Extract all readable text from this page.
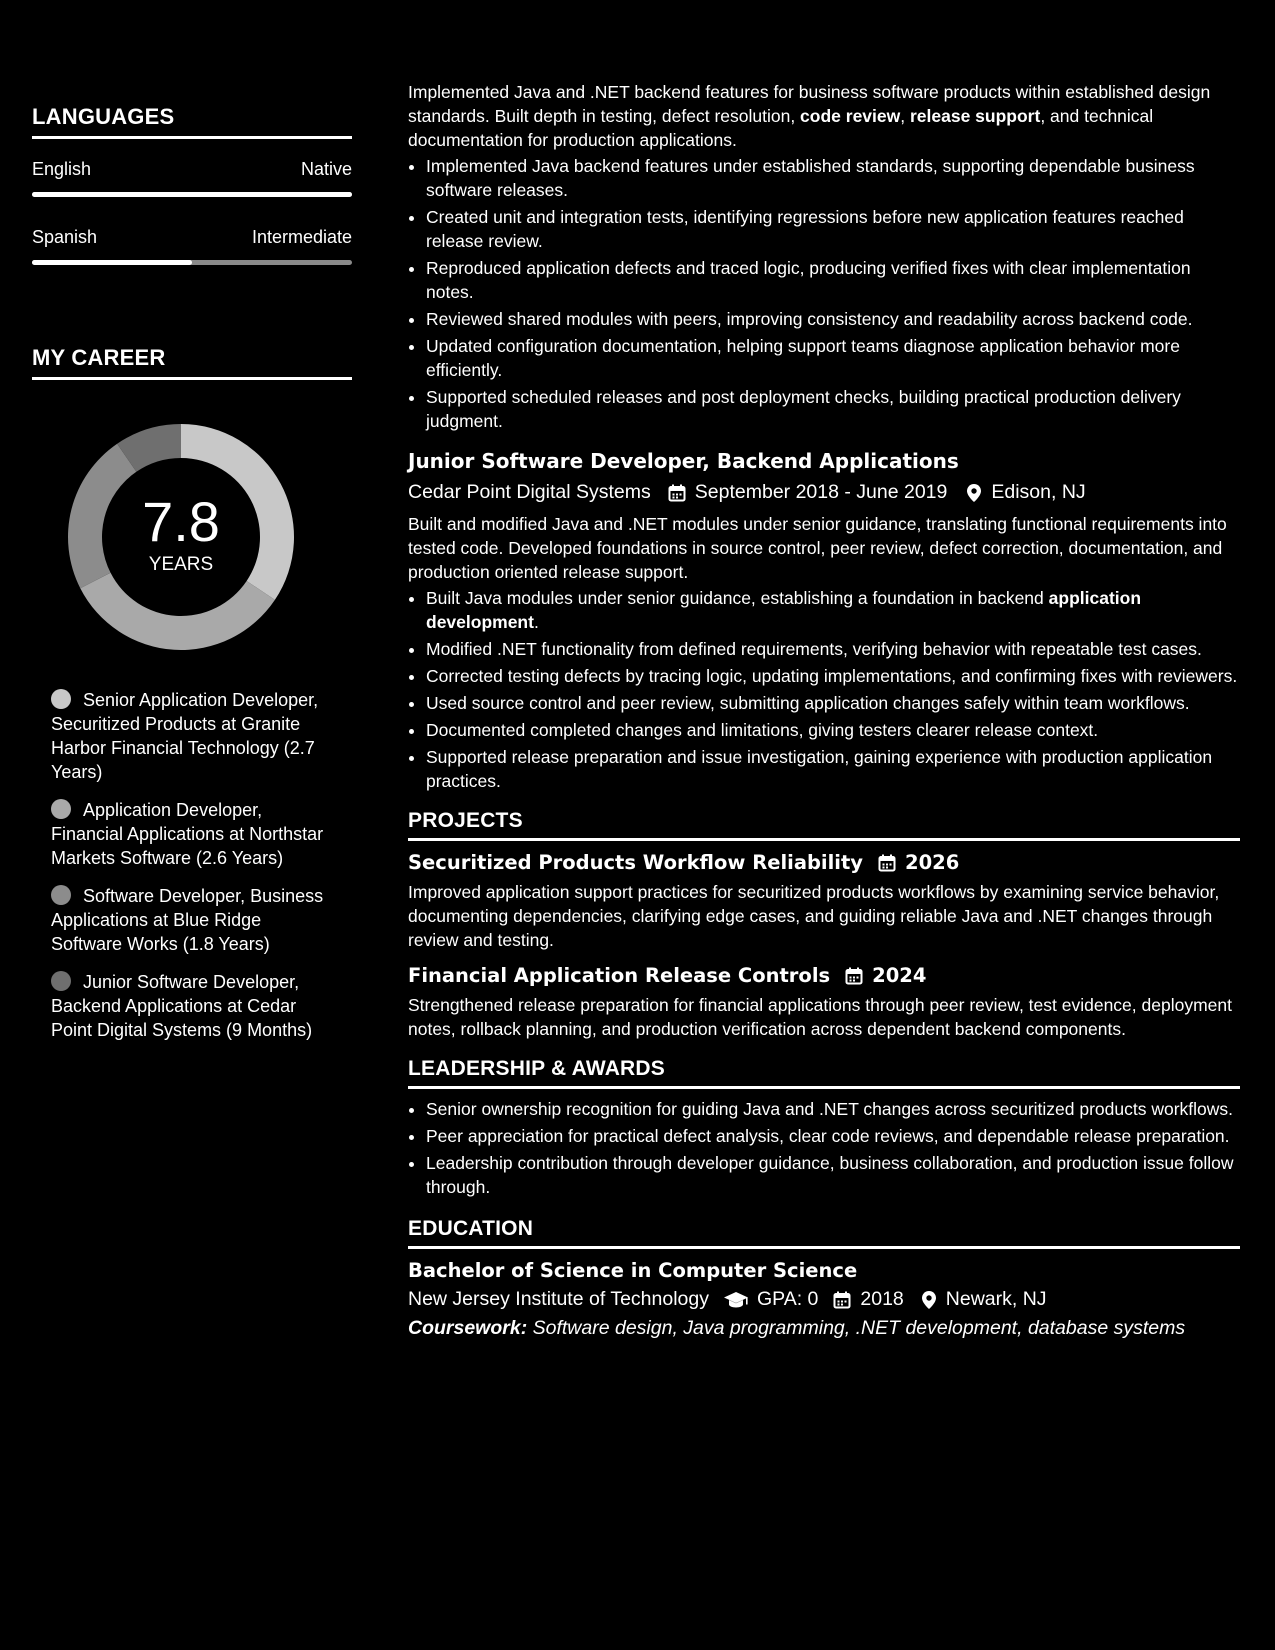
LANGUAGES
English	Native
Spanish	Intermediate
MY CAREER
7.8
YEARS
Senior Application Developer, Securitized Products at Granite Harbor Financial Technology (2.7 Years)
Application Developer, Financial Applications at Northstar Markets Software (2.6 Years)
Software Developer, Business Applications at Blue Ridge Software Works (1.8 Years)
Junior Software Developer, Backend Applications at Cedar Point Digital Systems (9 Months)

Implemented Java and .NET backend features for business software products within established design standards. Built depth in testing, defect resolution, code review, release support, and technical documentation for production applications.

• Implemented Java backend features under established standards, supporting dependable business software releases.
• Created unit and integration tests, identifying regressions before new application features reached release review.
• Reproduced application defects and traced logic, producing verified fixes with clear implementation notes.
• Reviewed shared modules with peers, improving consistency and readability across backend code.
• Updated configuration documentation, helping support teams diagnose application behavior more efficiently.
• Supported scheduled releases and post deployment checks, building practical production delivery judgment.
Junior Software Developer, Backend Applications
Cedar Point Digital Systems September 2018 - June 2019 Edison, NJ

Built and modified Java and .NET modules under senior guidance, translating functional requirements into tested code. Developed foundations in source control, peer review, defect correction, documentation, and production oriented release support.

• Built Java modules under senior guidance, establishing a foundation in backend application development.
• Modified .NET functionality from defined requirements, verifying behavior with repeatable test cases.
• Corrected testing defects by tracing logic, updating implementations, and confirming fixes with reviewers.
• Used source control and peer review, submitting application changes safely within team workflows.
• Documented completed changes and limitations, giving testers clearer release context.
• Supported release preparation and issue investigation, gaining experience with production application practices.
PROJECTS
Securitized Products Workflow Reliability 2026

Improved application support practices for securitized products workflows by examining service behavior, documenting dependencies, clarifying edge cases, and guiding reliable Java and .NET changes through review and testing.

Financial Application Release Controls 2024

Strengthened release preparation for financial applications through peer review, test evidence, deployment notes, rollback planning, and production verification across dependent backend components.

LEADERSHIP & AWARDS
• Senior ownership recognition for guiding Java and .NET changes across securitized products workflows.
• Peer appreciation for practical defect analysis, clear code reviews, and dependable release preparation.
• Leadership contribution through developer guidance, business collaboration, and production issue follow through.
EDUCATION
Bachelor of Science in Computer Science
New Jersey Institute of Technology GPA: 0 2018 Newark, NJ
Coursework: Software design, Java programming, .NET development, database systems
